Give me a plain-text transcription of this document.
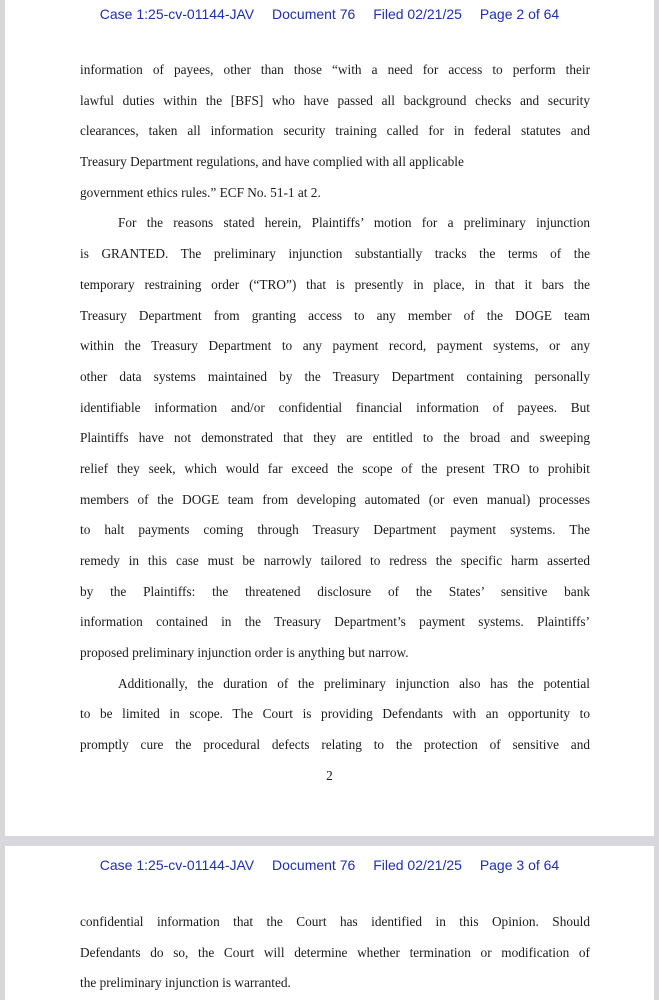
Case 1:25-cv-01144-JAV Document 76 Filed 02/21/25 Page 2 of 64
information of payees, other than those “with a need for access to perform their
lawful duties within the [BFS] who have passed all background checks and security
clearances, taken all information security training called for in federal statutes and
Treasury Department regulations, and have complied with all applicable
government ethics rules.” ECF No. 51-1 at 2.
For the reasons stated herein, Plaintiffs’ motion for a preliminary injunction
is GRANTED. The preliminary injunction substantially tracks the terms of the
temporary restraining order (“TRO”) that is presently in place, in that it bars the
Treasury Department from granting access to any member of the DOGE team
within the Treasury Department to any payment record, payment systems, or any
other data systems maintained by the Treasury Department containing personally
identifiable information and/or confidential financial information of payees. But
Plaintiffs have not demonstrated that they are entitled to the broad and sweeping
relief they seek, which would far exceed the scope of the present TRO to prohibit
members of the DOGE team from developing automated (or even manual) processes
to halt payments coming through Treasury Department payment systems. The
remedy in this case must be narrowly tailored to redress the specific harm asserted
by the Plaintiffs: the threatened disclosure of the States’ sensitive bank
information contained in the Treasury Department’s payment systems. Plaintiffs’
proposed preliminary injunction order is anything but narrow.
Additionally, the duration of the preliminary injunction also has the potential
to be limited in scope. The Court is providing Defendants with an opportunity to
promptly cure the procedural defects relating to the protection of sensitive and
2
Case 1:25-cv-01144-JAV Document 76 Filed 02/21/25 Page 3 of 64
confidential information that the Court has identified in this Opinion. Should
Defendants do so, the Court will determine whether termination or modification of
the preliminary injunction is warranted.
